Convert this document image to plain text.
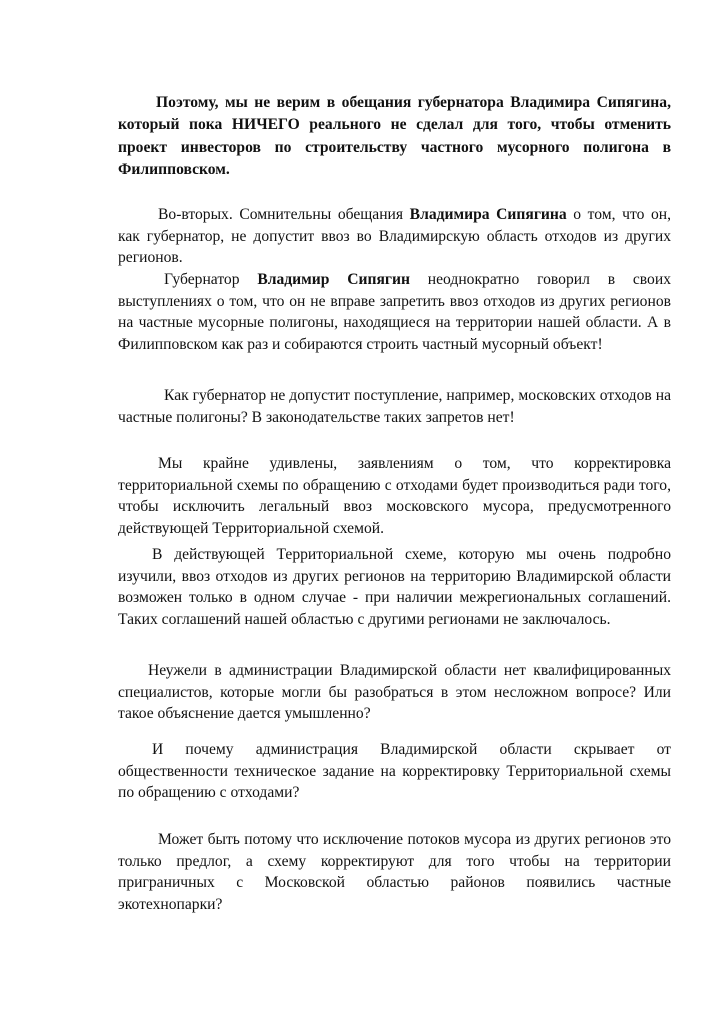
Поэтому, мы не верим в обещания губернатора Владимира Сипягина, который пока НИЧЕГО реального не сделал для того, чтобы отменить проект инвесторов по строительству частного мусорного полигона в Филипповском.

Во-вторых. Сомнительны обещания Владимира Сипягина о том, что он, как губернатор, не допустит ввоз во Владимирскую область отходов из других регионов.

Губернатор Владимир Сипягин неоднократно говорил в своих выступлениях о том, что он не вправе запретить ввоз отходов из других регионов на частные мусорные полигоны, находящиеся на территории нашей области. А в Филипповском как раз и собираются строить частный мусорный объект!

Как губернатор не допустит поступление, например, московских отходов на частные полигоны? В законодательстве таких запретов нет!

Мы крайне удивлены, заявлениям о том, что корректировка территориальной схемы по обращению с отходами будет производиться ради того, чтобы исключить легальный ввоз московского мусора, предусмотренного действующей Территориальной схемой.

В действующей Территориальной схеме, которую мы очень подробно изучили, ввоз отходов из других регионов на территорию Владимирской области возможен только в одном случае - при наличии межрегиональных соглашений. Таких соглашений нашей областью с другими регионами не заключалось.

Неужели в администрации Владимирской области нет квалифицированных специалистов, которые могли бы разобраться в этом несложном вопросе? Или такое объяснение дается умышленно?

И почему администрация Владимирской области скрывает от общественности техническое задание на корректировку Территориальной схемы по обращению с отходами?

Может быть потому что исключение потоков мусора из других регионов это только предлог, а схему корректируют для того чтобы на территории приграничных с Московской областью районов появились частные экотехнопарки?
